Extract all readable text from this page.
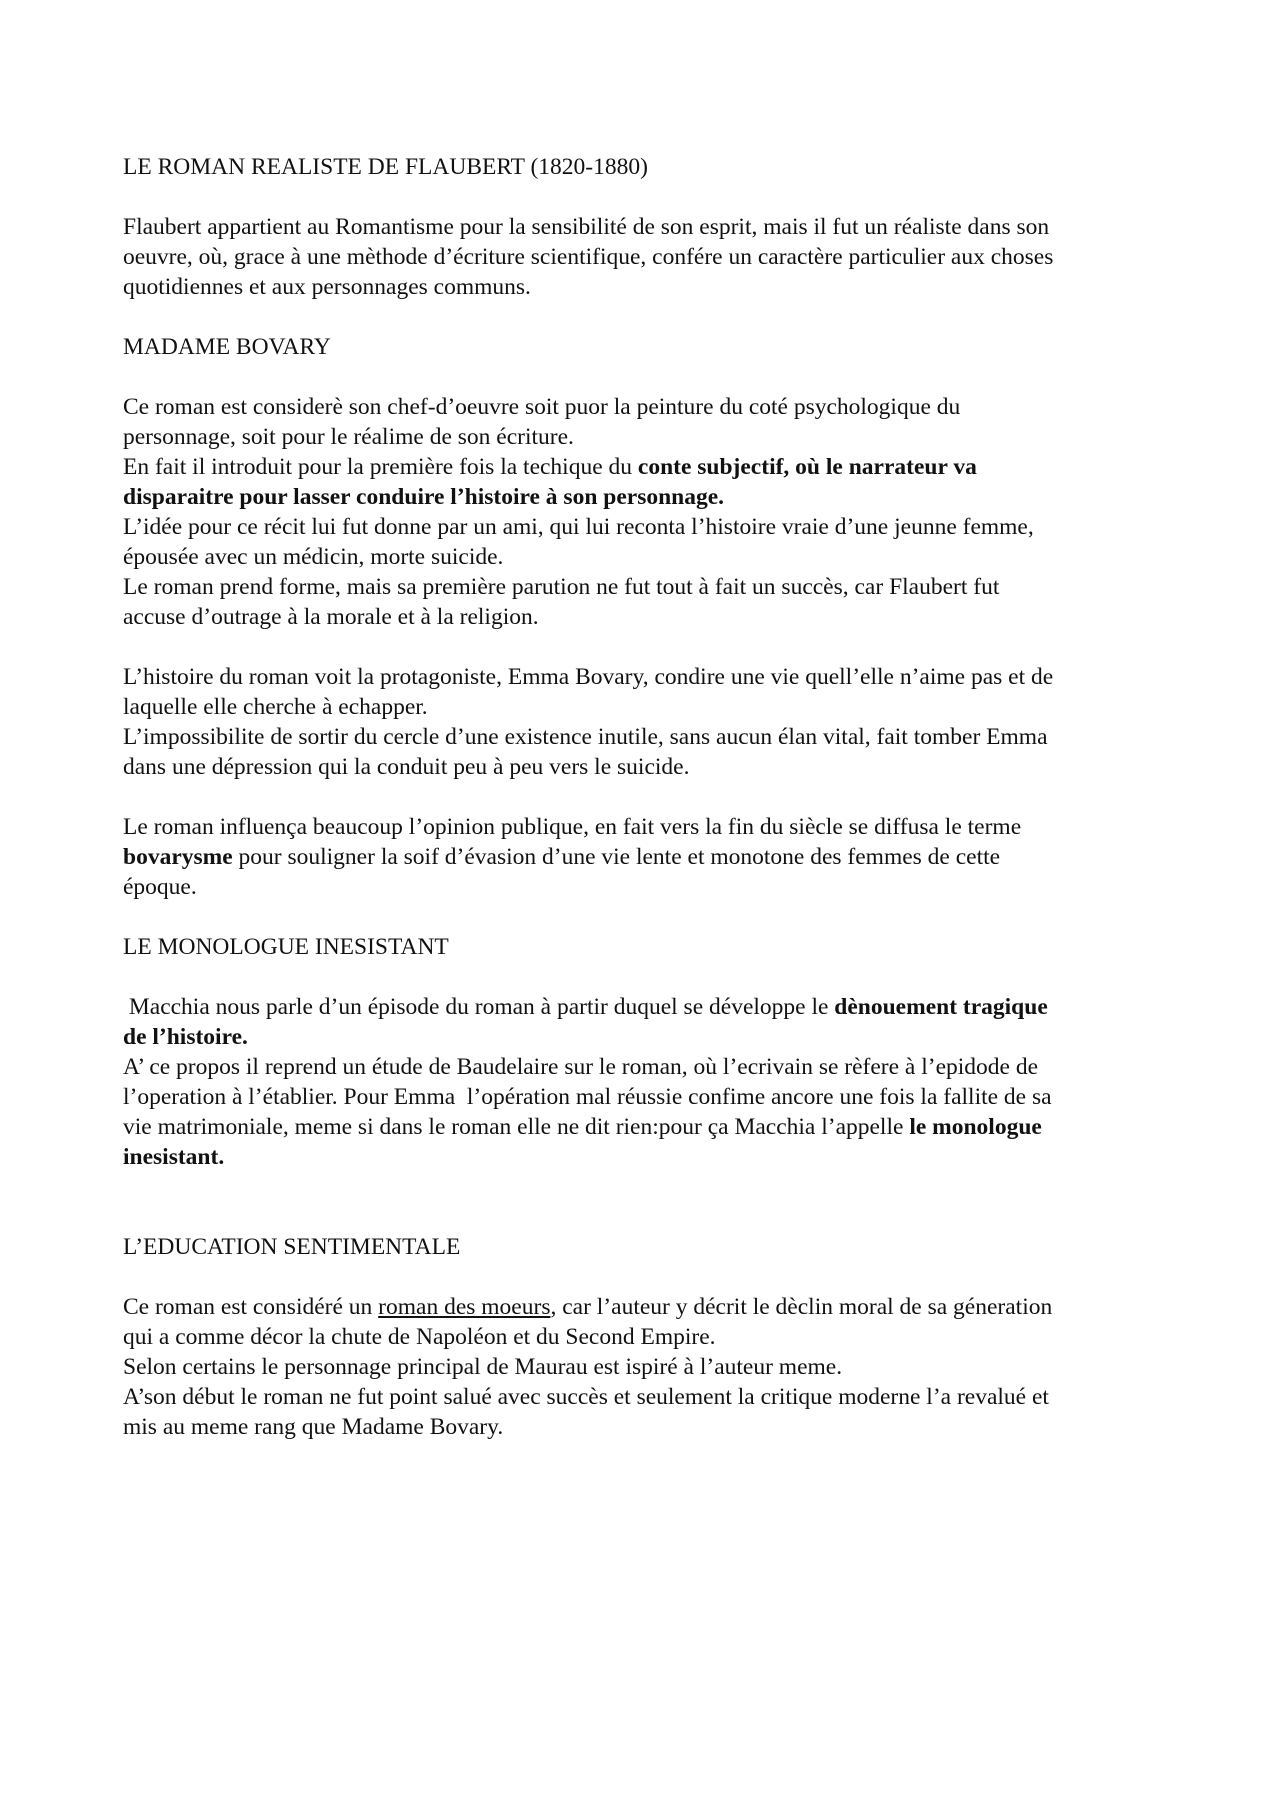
LE ROMAN REALISTE DE FLAUBERT (1820-1880)
Flaubert appartient au Romantisme pour la sensibilité de son esprit, mais il fut un réaliste dans son
oeuvre, où, grace à une mèthode d’écriture scientifique, confére un caractère particulier aux choses
quotidiennes et aux personnages communs.
MADAME BOVARY
Ce roman est considerè son chef-d’oeuvre soit puor la peinture du coté psychologique du
personnage, soit pour le réalime de son écriture.
En fait il introduit pour la première fois la techique du conte subjectif, où le narrateur va
disparaitre pour lasser conduire l’histoire à son personnage.
L’idée pour ce récit lui fut donne par un ami, qui lui reconta l’histoire vraie d’une jeunne femme,
épousée avec un médicin, morte suicide.
Le roman prend forme, mais sa première parution ne fut tout à fait un succès, car Flaubert fut
accuse d’outrage à la morale et à la religion.
L’histoire du roman voit la protagoniste, Emma Bovary, condire une vie quell’elle n’aime pas et de
laquelle elle cherche à echapper.
L’impossibilite de sortir du cercle d’une existence inutile, sans aucun élan vital, fait tomber Emma
dans une dépression qui la conduit peu à peu vers le suicide.
Le roman influença beaucoup l’opinion publique, en fait vers la fin du siècle se diffusa le terme
bovarysme pour souligner la soif d’évasion d’une vie lente et monotone des femmes de cette
époque.
LE MONOLOGUE INESISTANT
Macchia nous parle d’un épisode du roman à partir duquel se développe le dènouement tragique
de l’histoire.
A’ ce propos il reprend un étude de Baudelaire sur le roman, où l’ecrivain se rèfere à l’epidode de
l’operation à l’établier. Pour Emma  l’opération mal réussie confime ancore une fois la fallite de sa
vie matrimoniale, meme si dans le roman elle ne dit rien:pour ça Macchia l’appelle le monologue
inesistant.
L’EDUCATION SENTIMENTALE
Ce roman est considéré un roman des moeurs, car l’auteur y décrit le dèclin moral de sa géneration
qui a comme décor la chute de Napoléon et du Second Empire.
Selon certains le personnage principal de Maurau est ispiré à l’auteur meme.
A’son début le roman ne fut point salué avec succès et seulement la critique moderne l’a revalué et
mis au meme rang que Madame Bovary.
